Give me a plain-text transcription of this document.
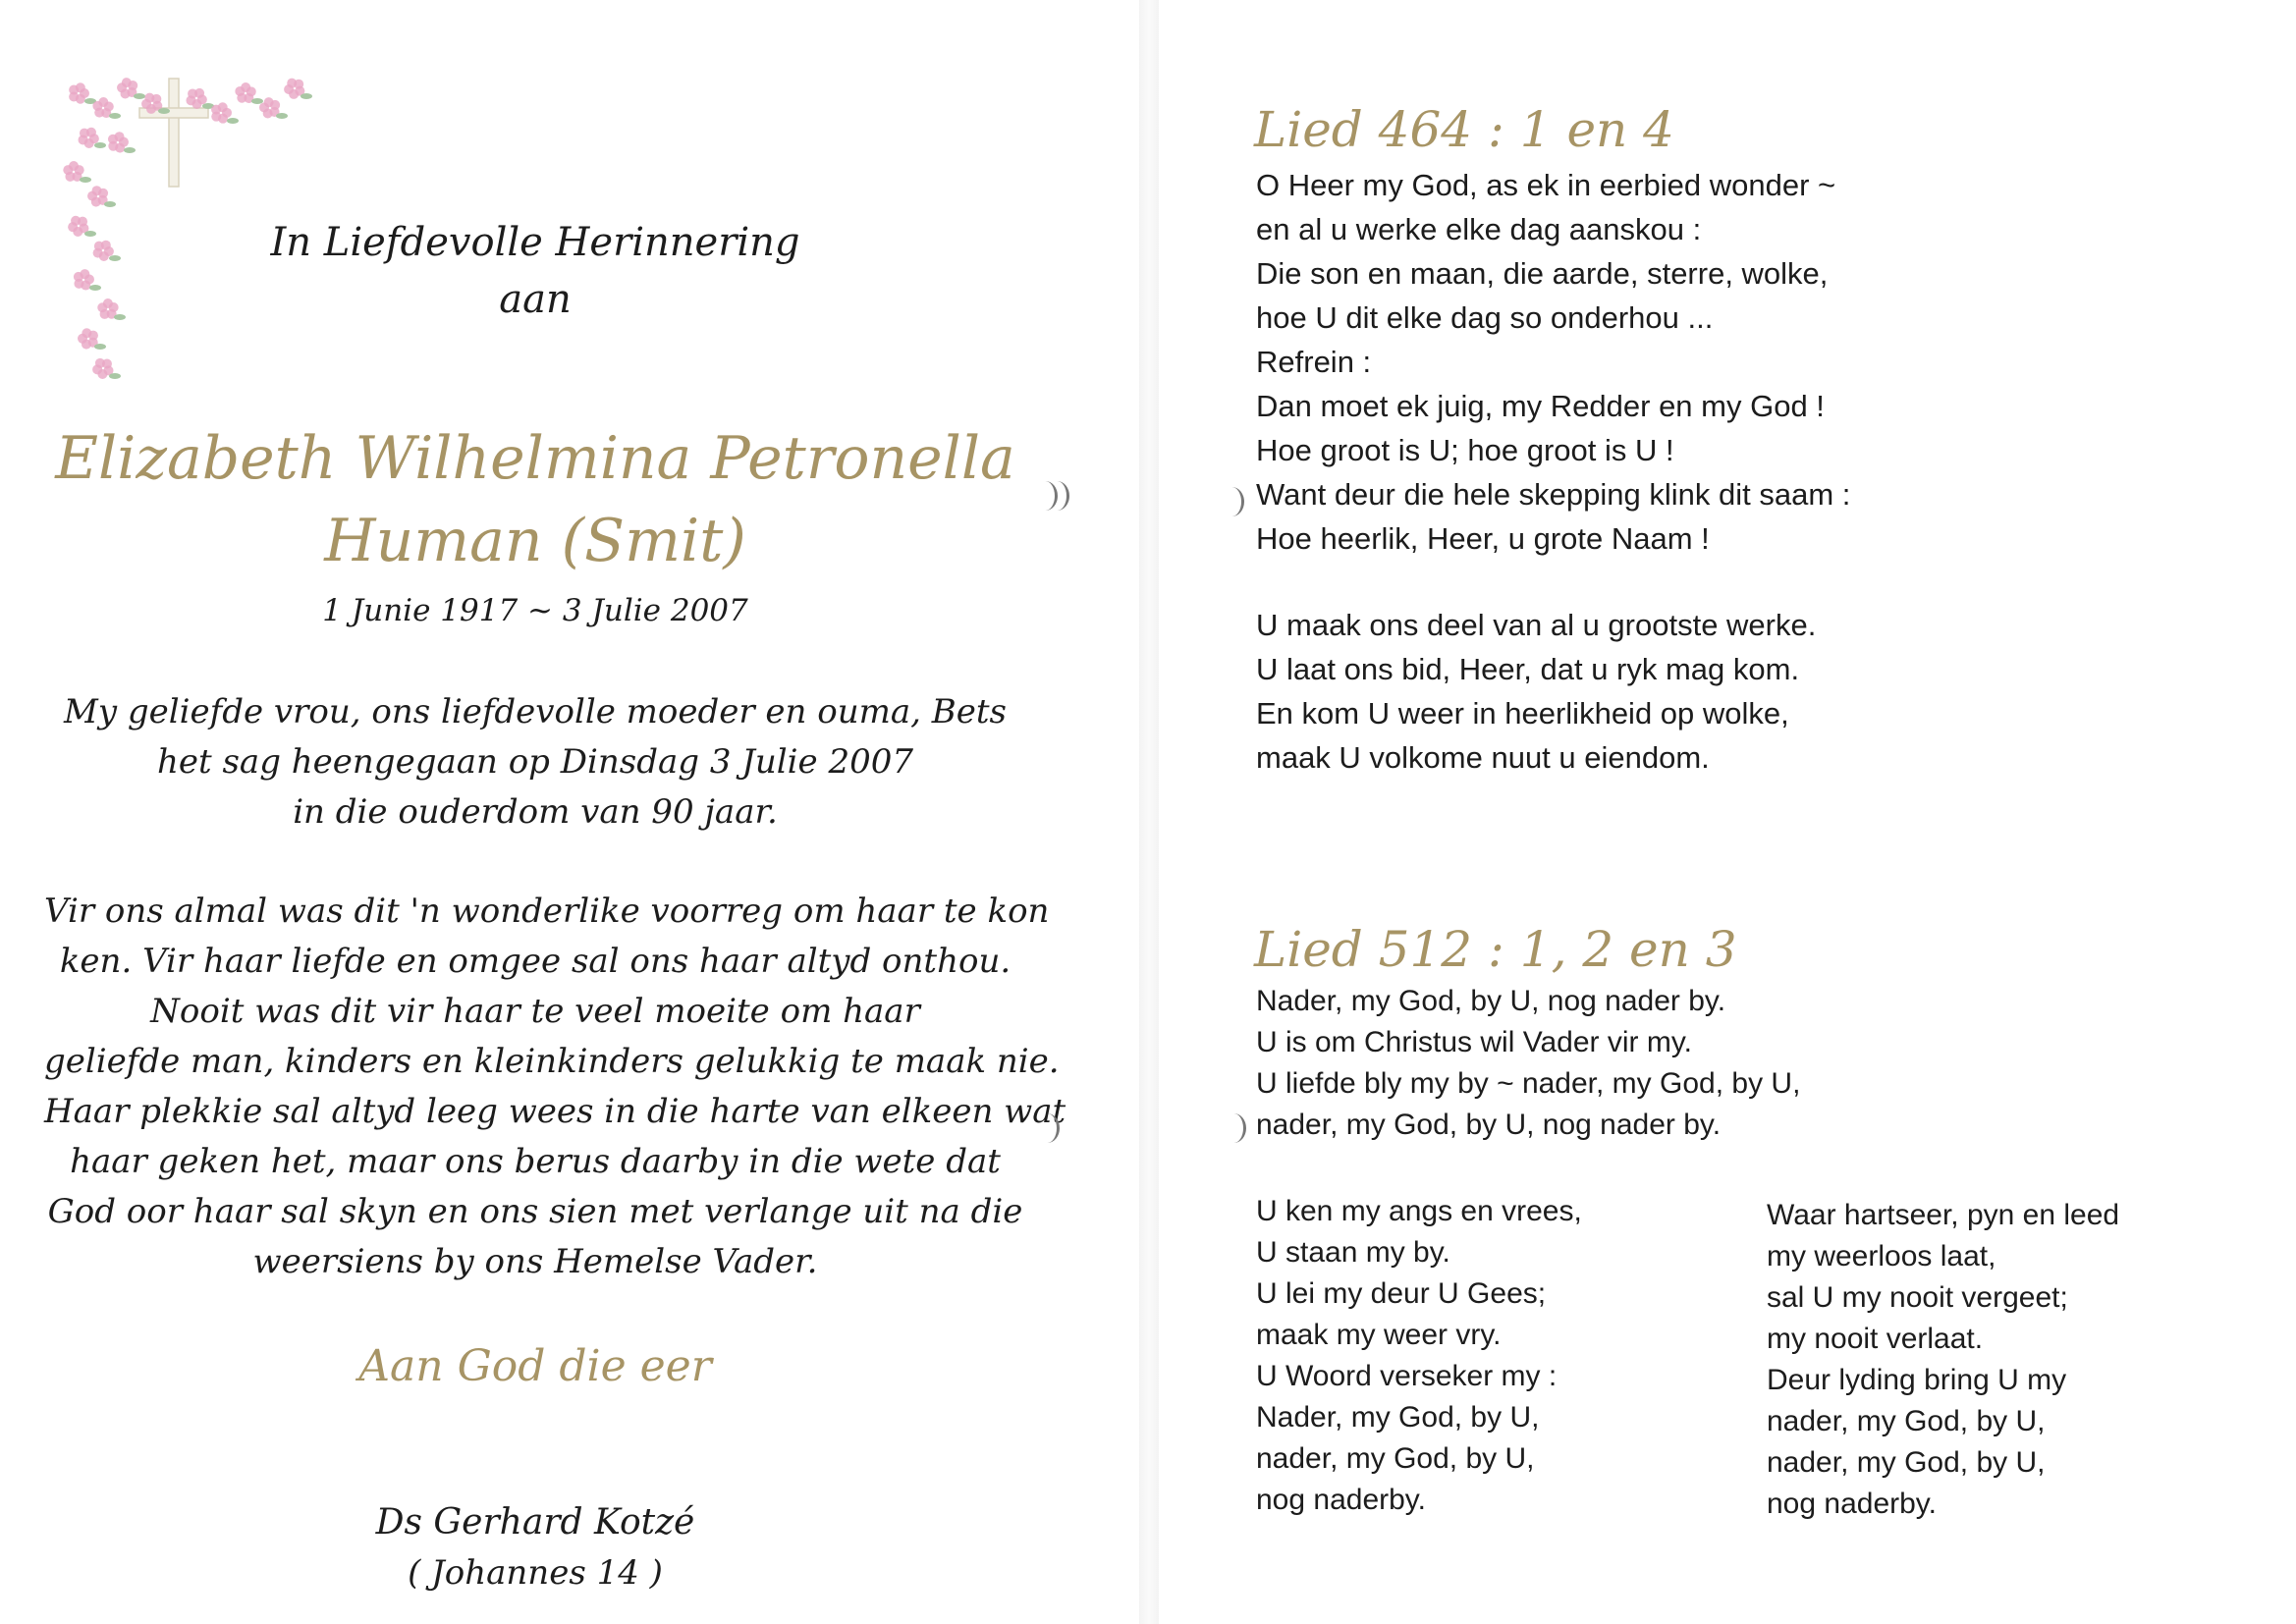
In Liefdevolle Herinnering
aan
Elizabeth Wilhelmina Petronella
Human (Smit)
1 Junie 1917 ~ 3 Julie 2007
My geliefde vrou, ons liefdevolle moeder en ouma, Bets
het sag heengegaan op Dinsdag 3 Julie 2007
in die ouderdom van 90 jaar.
Vir ons almal was dit 'n wonderlike voorreg om haar te kon
ken. Vir haar liefde en omgee sal ons haar altyd onthou.
Nooit was dit vir haar te veel moeite om haar
geliefde man, kinders en kleinkinders gelukkig te maak nie.
Haar plekkie sal altyd leeg wees in die harte van elkeen wat
haar geken het, maar ons berus daarby in die wete dat
God oor haar sal skyn en ons sien met verlange uit na die
weersiens by ons Hemelse Vader.
Aan God die eer
Ds Gerhard Kotzé
( Johannes 14 )
Lied 464 : 1 en 4
O Heer my God, as ek in eerbied wonder ~
en al u werke elke dag aanskou :
Die son en maan, die aarde, sterre, wolke,
hoe U dit elke dag so onderhou ...
Refrein :
Dan moet ek juig, my Redder en my God !
Hoe groot is U; hoe groot is U !
Want deur die hele skepping klink dit saam :
Hoe heerlik, Heer, u grote Naam !
U maak ons deel van al u grootste werke.
U laat ons bid, Heer, dat u ryk mag kom.
En kom U weer in heerlikheid op wolke,
maak U volkome nuut u eiendom.
Lied 512 : 1, 2 en 3
Nader, my God, by U, nog nader by.
U is om Christus wil Vader vir my.
U liefde bly my by ~ nader, my God, by U,
nader, my God, by U, nog nader by.
U ken my angs en vrees,
U staan my by.
U lei my deur U Gees;
maak my weer vry.
U Woord verseker my :
Nader, my God, by U,
nader, my God, by U,
nog naderby.
Waar hartseer, pyn en leed
my weerloos laat,
sal U my nooit vergeet;
my nooit verlaat.
Deur lyding bring U my
nader, my God, by U,
nader, my God, by U,
nog naderby.
